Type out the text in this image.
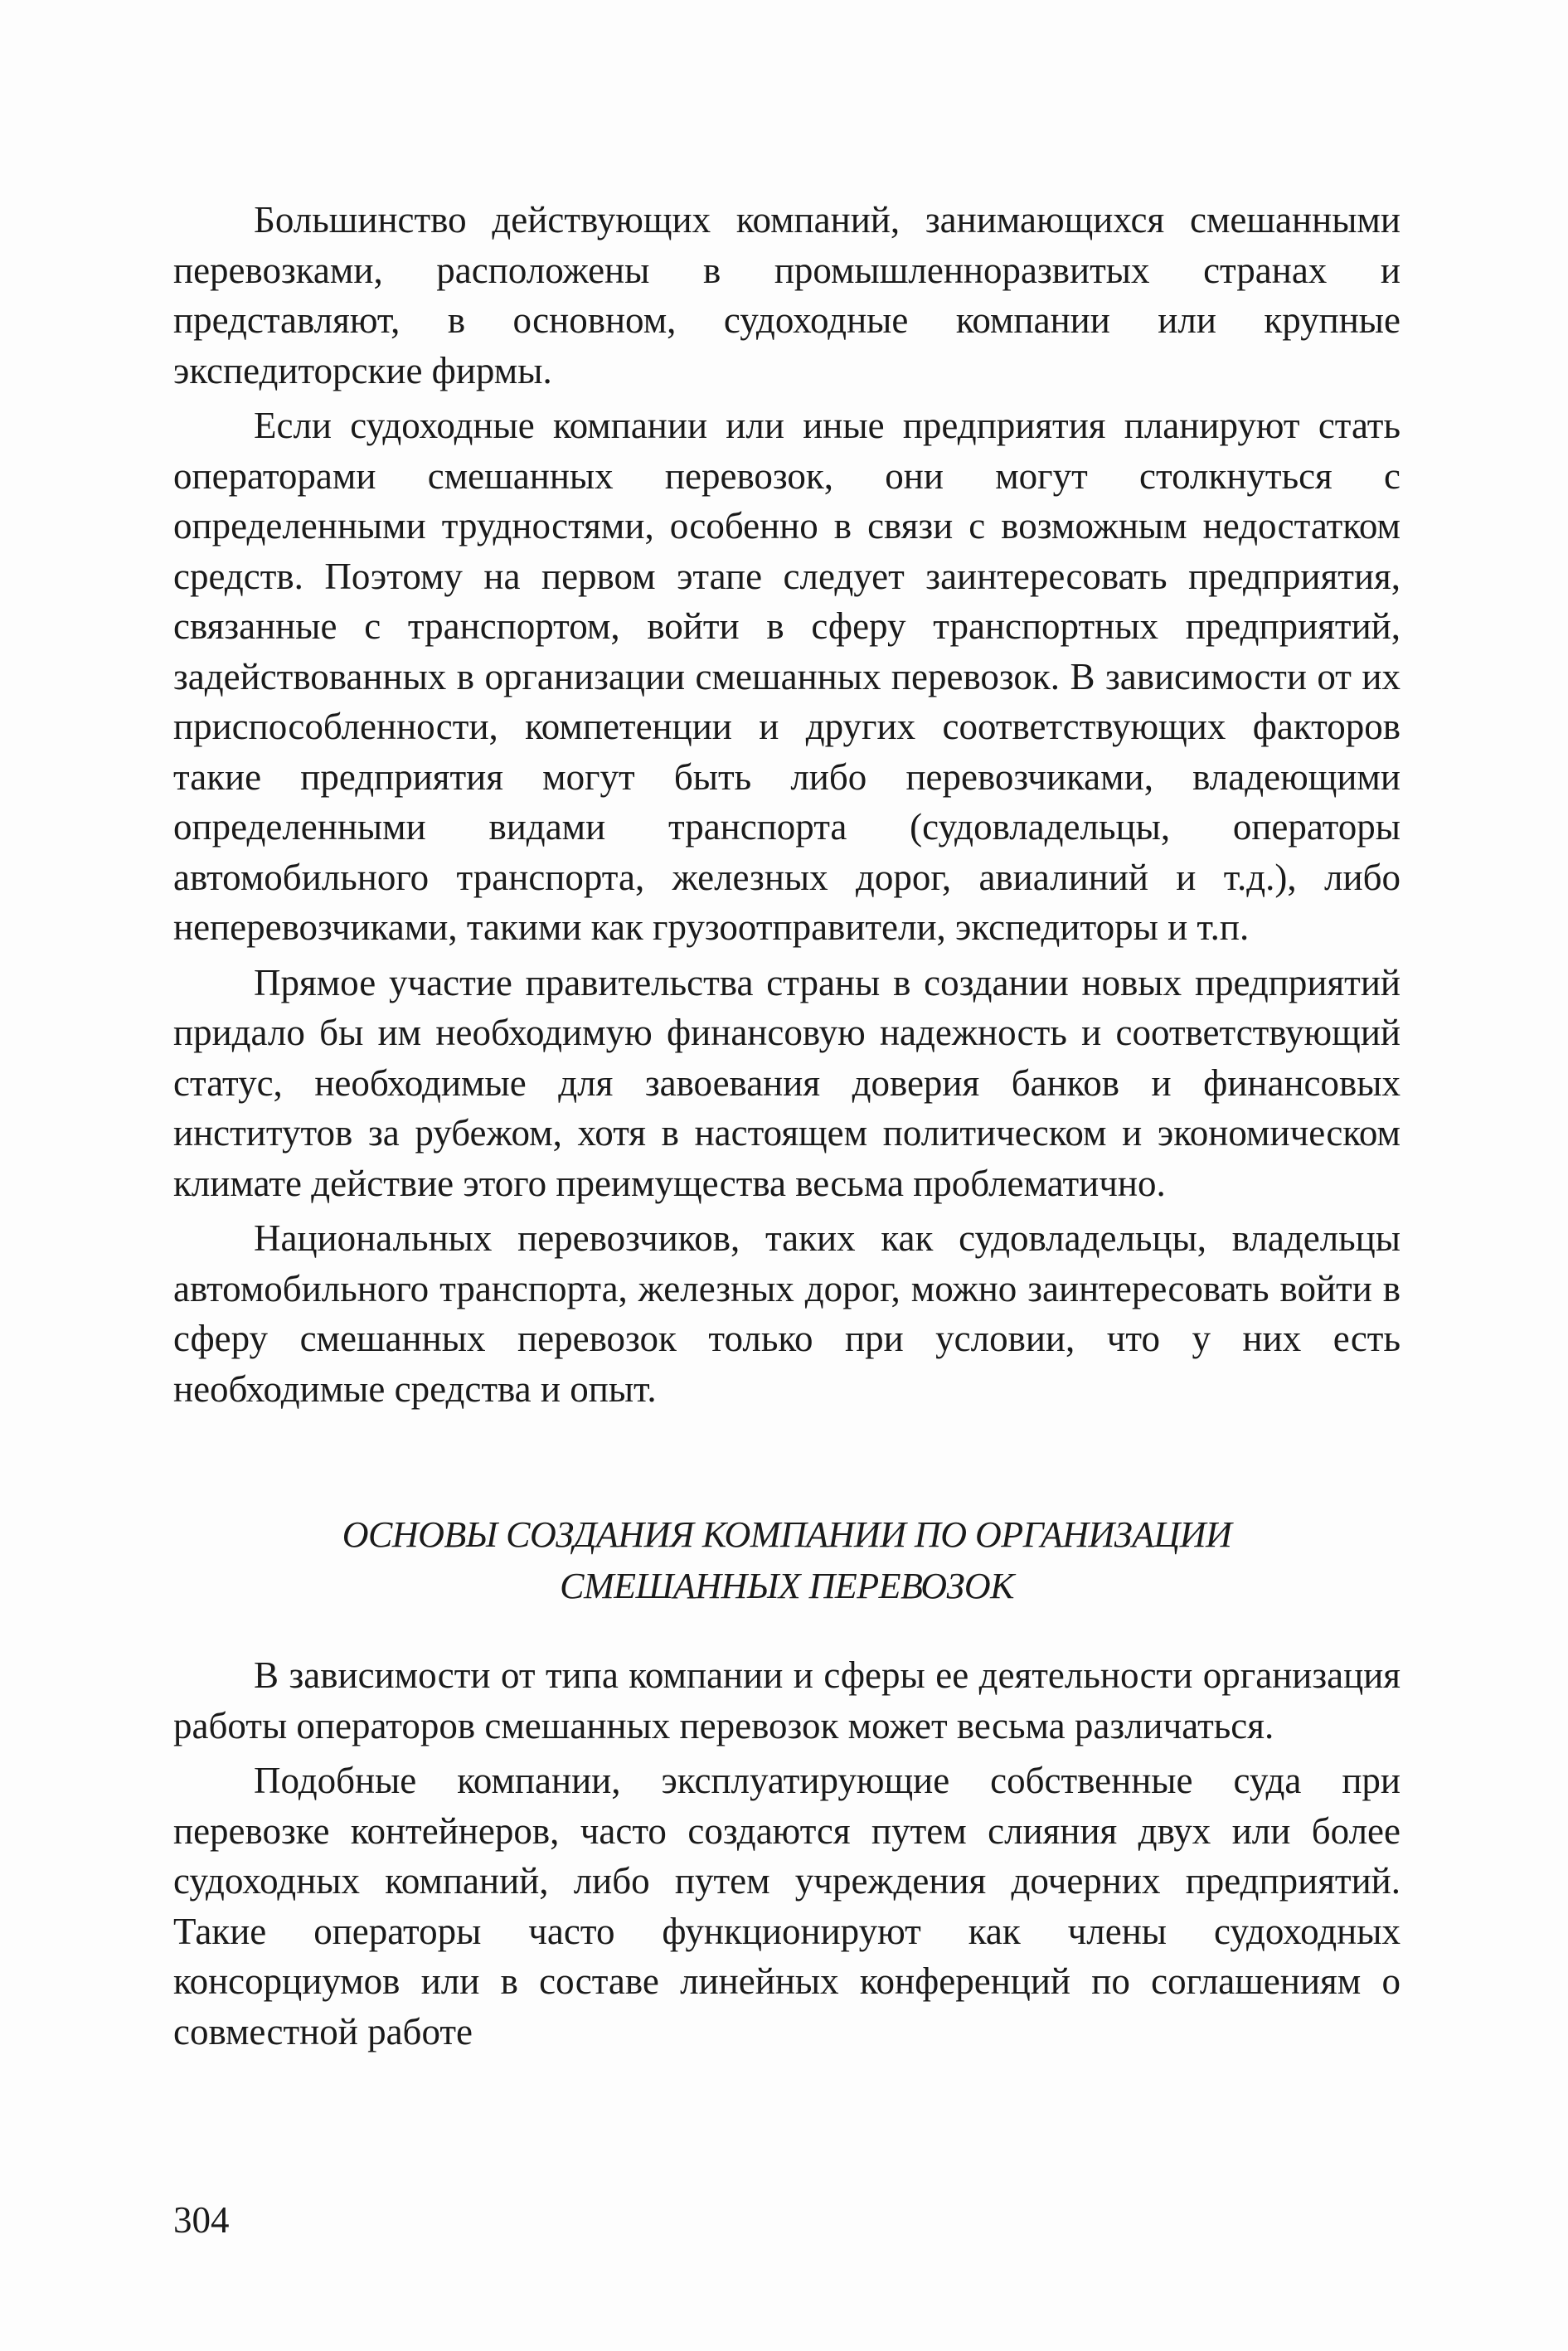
Большинство действующих компаний, занимающихся смешанными перевозками, расположены в промышленноразвитых странах и представляют, в основном, судоходные компании или крупные экспедиторские фирмы.

Если судоходные компании или иные предприятия планируют стать операторами смешанных перевозок, они могут столкнуться с определенными трудностями, особенно в связи с возможным недостатком средств. Поэтому на первом этапе следует заинтересовать предприятия, связанные с транспортом, войти в сферу транспортных предприятий, задействованных в организации смешанных перевозок. В зависимости от их приспособленности, компетенции и других соответствующих факторов такие предприятия могут быть либо перевозчиками, владеющими определенными видами транспорта (судовладельцы, операторы автомобильного транспорта, железных дорог, авиалиний и т.д.), либо неперевозчиками, такими как грузоотправители, экспедиторы и т.п.

Прямое участие правительства страны в создании новых предприятий придало бы им необходимую финансовую надежность и соответствующий статус, необходимые для завоевания доверия банков и финансовых институтов за рубежом, хотя в настоящем политическом и экономическом климате действие этого преимущества весьма проблематично.

Национальных перевозчиков, таких как судовладельцы, владельцы автомобильного транспорта, железных дорог, можно заинтересовать войти в сферу смешанных перевозок только при условии, что у них есть необходимые средства и опыт.

ОСНОВЫ СОЗДАНИЯ КОМПАНИИ ПО ОРГАНИЗАЦИИ
СМЕШАННЫХ ПЕРЕВОЗОК

В зависимости от типа компании и сферы ее деятельности организация работы операторов смешанных перевозок может весьма различаться.

Подобные компании, эксплуатирующие собственные суда при перевозке контейнеров, часто создаются путем слияния двух или более судоходных компаний, либо путем учреждения дочерних предприятий. Такие операторы часто функционируют как члены судоходных консорциумов или в составе линейных конференций по соглашениям о совместной работе

304
